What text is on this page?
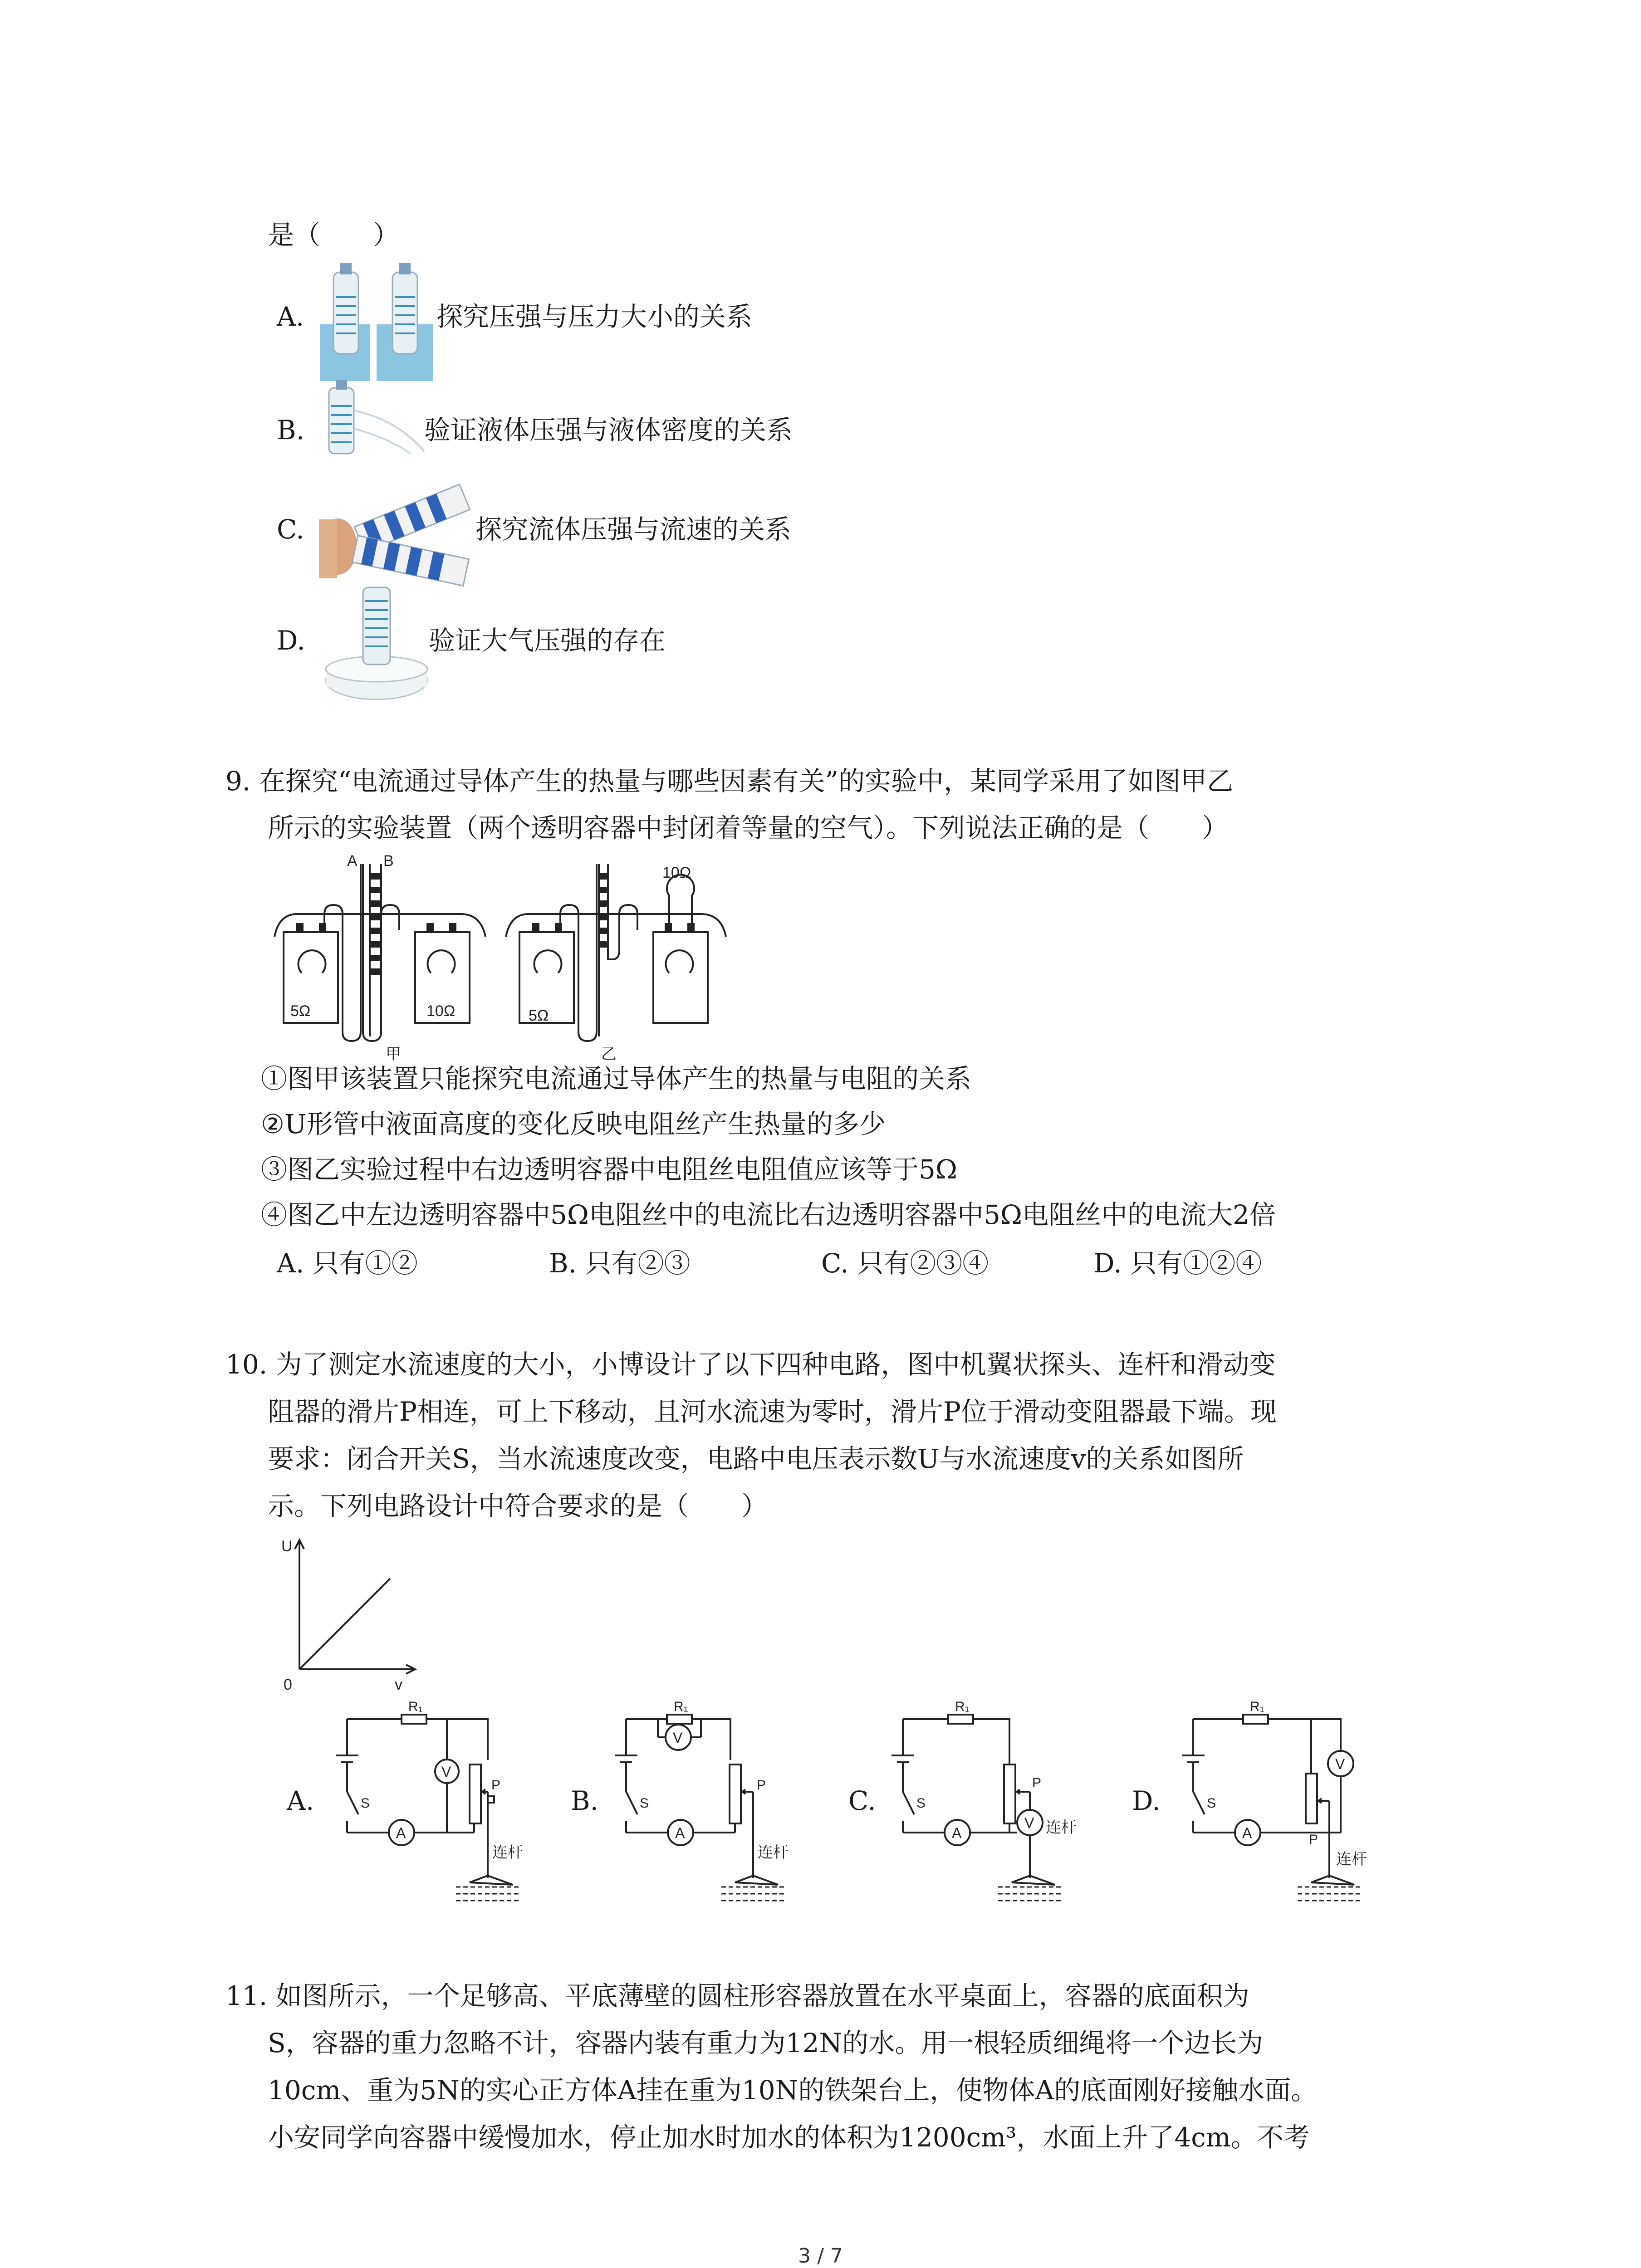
是（　　）
A.	探究压强与压力大小的关系
B.	验证液体压强与液体密度的关系
C.	探究流体压强与流速的关系
D.	验证大气压强的存在
9. 在探究“电流通过导体产生的热量与哪些因素有关”的实验中，某同学采用了如图甲乙
所示的实验装置（两个透明容器中封闭着等量的空气）。下列说法正确的是（　　）
A B
5Ω	10Ω
甲
10Ω
5Ω
乙
①图甲该装置只能探究电流通过导体产生的热量与电阻的关系
②U形管中液面高度的变化反映电阻丝产生热量的多少
③图乙实验过程中右边透明容器中电阻丝电阻值应该等于5Ω
④图乙中左边透明容器中5Ω电阻丝中的电流比右边透明容器中5Ω电阻丝中的电流大2倍
A. 只有①②	B. 只有②③	C. 只有②③④	D. 只有①②④
10. 为了测定水流速度的大小，小博设计了以下四种电路，图中机翼状探头、连杆和滑动变
阻器的滑片P相连，可上下移动，且河水流速为零时，滑片P位于滑动变阻器最下端。现
要求：闭合开关S，当水流速度改变，电路中电压表示数U与水流速度v的关系如图所
示。下列电路设计中符合要求的是（　　）
U
v
0
A.
R₁
S
V
A
P
连杆
B.
R₁
S
V
A
P
连杆
C.
R₁
S
V
A
P
连杆
D.
R₁
S
V
A	P
连杆
11. 如图所示，一个足够高、平底薄壁的圆柱形容器放置在水平桌面上，容器的底面积为
S，容器的重力忽略不计，容器内装有重力为12N的水。用一根轻质细绳将一个边长为
10cm、重为5N的实心正方体A挂在重为10N的铁架台上，使物体A的底面刚好接触水面。
小安同学向容器中缓慢加水，停止加水时加水的体积为1200cm³，水面上升了4cm。不考
3 / 7
